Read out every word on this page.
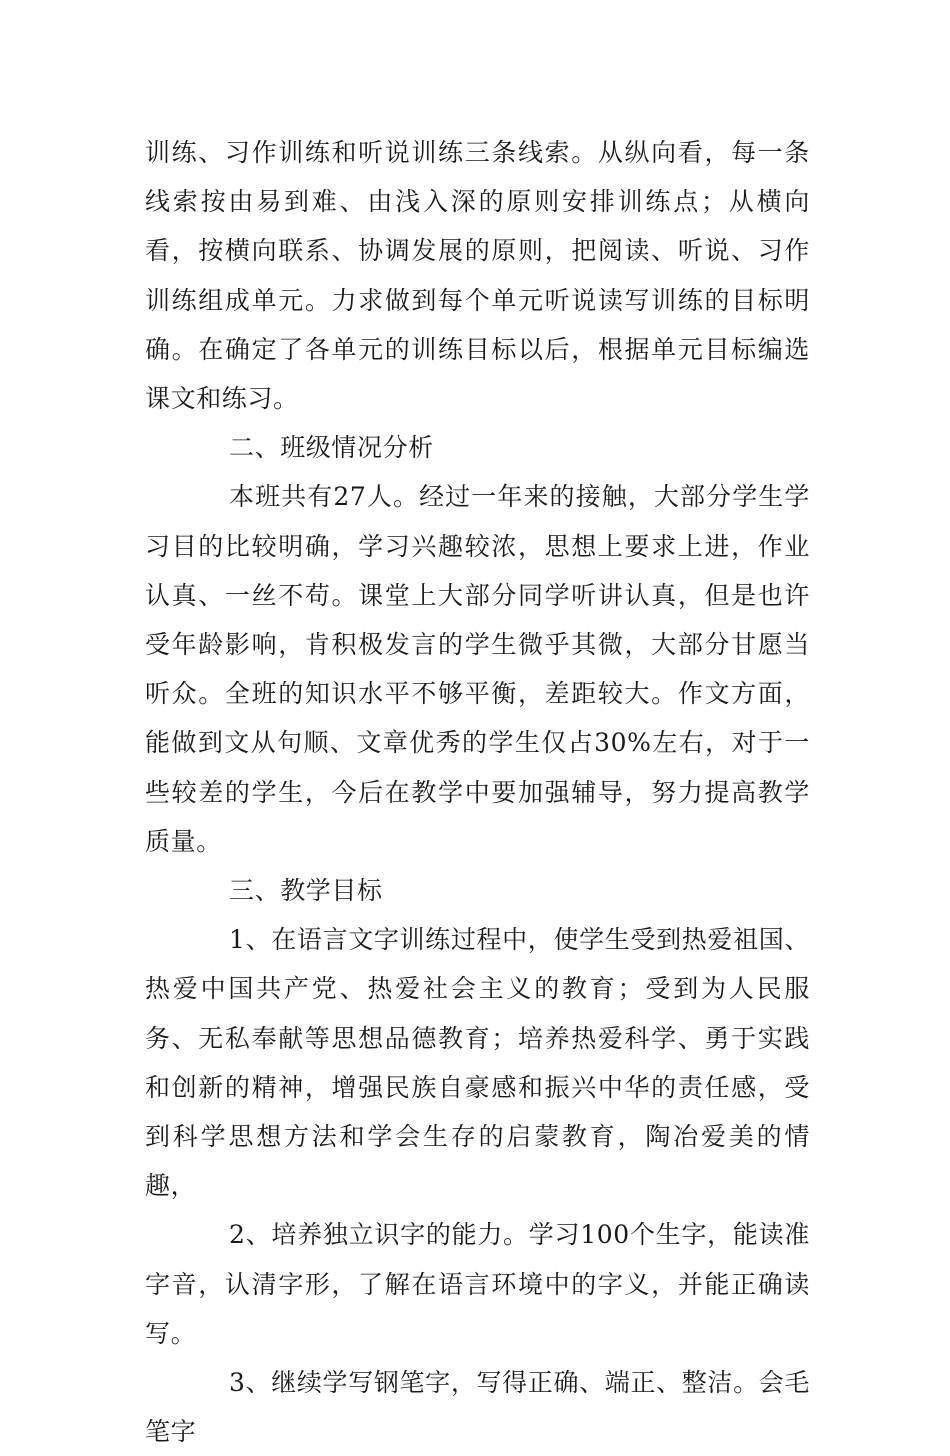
训练、习作训练和听说训练三条线索。从纵向看，每一条线索按由易到难、由浅入深的原则安排训练点；从横向看，按横向联系、协调发展的原则，把阅读、听说、习作训练组成单元。力求做到每个单元听说读写训练的目标明确。在确定了各单元的训练目标以后，根据单元目标编选课文和练习。

二、班级情况分析

本班共有27人。经过一年来的接触，大部分学生学习目的比较明确，学习兴趣较浓，思想上要求上进，作业认真、一丝不苟。课堂上大部分同学听讲认真，但是也许受年龄影响，肯积极发言的学生微乎其微，大部分甘愿当听众。全班的知识水平不够平衡，差距较大。作文方面，能做到文从句顺、文章优秀的学生仅占30%左右，对于一些较差的学生，今后在教学中要加强辅导，努力提高教学质量。

三、教学目标

1、在语言文字训练过程中，使学生受到热爱祖国、热爱中国共产党、热爱社会主义的教育；受到为人民服务、无私奉献等思想品德教育；培养热爱科学、勇于实践和创新的精神，增强民族自豪感和振兴中华的责任感，受到科学思想方法和学会生存的启蒙教育，陶冶爱美的情趣，

2、培养独立识字的能力。学习100个生字，能读准字音，认清字形，了解在语言环境中的字义，并能正确读写。

3、继续学写钢笔字，写得正确、端正、整洁。会毛笔字
